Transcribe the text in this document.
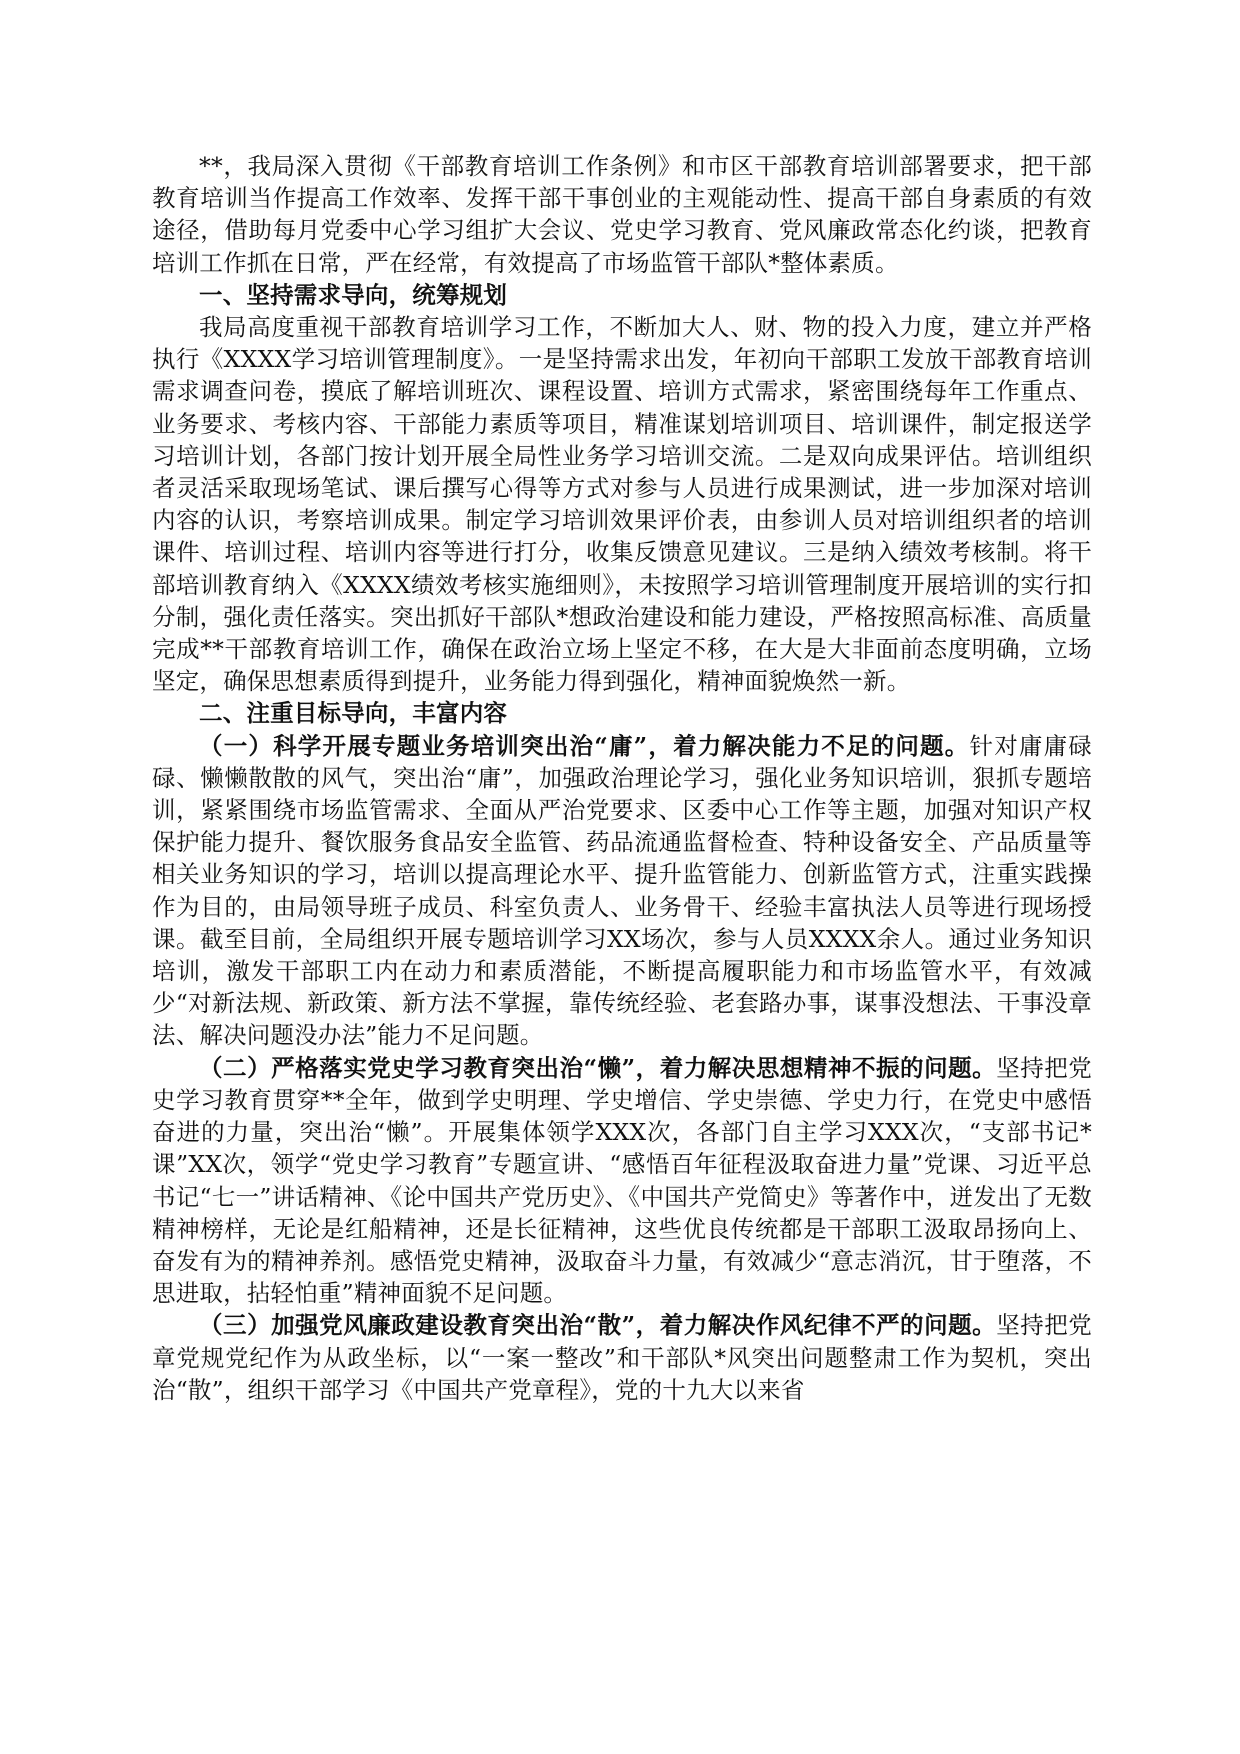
**，我局深入贯彻《干部教育培训工作条例》和市区干部教育培训部署要求，把干部教育培训当作提高工作效率、发挥干部干事创业的主观能动性、提高干部自身素质的有效途径，借助每月党委中心学习组扩大会议、党史学习教育、党风廉政常态化约谈，把教育培训工作抓在日常，严在经常，有效提高了市场监管干部队*整体素质。

一、坚持需求导向，统筹规划

我局高度重视干部教育培训学习工作，不断加大人、财、物的投入力度，建立并严格执行《XXXX学习培训管理制度》。一是坚持需求出发，年初向干部职工发放干部教育培训需求调查问卷，摸底了解培训班次、课程设置、培训方式需求，紧密围绕每年工作重点、业务要求、考核内容、干部能力素质等项目，精准谋划培训项目、培训课件，制定报送学习培训计划，各部门按计划开展全局性业务学习培训交流。二是双向成果评估。培训组织者灵活采取现场笔试、课后撰写心得等方式对参与人员进行成果测试，进一步加深对培训内容的认识，考察培训成果。制定学习培训效果评价表，由参训人员对培训组织者的培训课件、培训过程、培训内容等进行打分，收集反馈意见建议。三是纳入绩效考核制。将干部培训教育纳入《XXXX绩效考核实施细则》，未按照学习培训管理制度开展培训的实行扣分制，强化责任落实。突出抓好干部队*想政治建设和能力建设，严格按照高标准、高质量完成**干部教育培训工作，确保在政治立场上坚定不移，在大是大非面前态度明确，立场坚定，确保思想素质得到提升，业务能力得到强化，精神面貌焕然一新。

二、注重目标导向，丰富内容

（一）科学开展专题业务培训突出治“庸”，着力解决能力不足的问题。针对庸庸碌碌、懒懒散散的风气，突出治“庸”，加强政治理论学习，强化业务知识培训，狠抓专题培训，紧紧围绕市场监管需求、全面从严治党要求、区委中心工作等主题，加强对知识产权保护能力提升、餐饮服务食品安全监管、药品流通监督检查、特种设备安全、产品质量等相关业务知识的学习，培训以提高理论水平、提升监管能力、创新监管方式，注重实践操作为目的，由局领导班子成员、科室负责人、业务骨干、经验丰富执法人员等进行现场授课。截至目前，全局组织开展专题培训学习XX场次，参与人员XXXX余人。通过业务知识培训，激发干部职工内在动力和素质潜能，不断提高履职能力和市场监管水平，有效减少“对新法规、新政策、新方法不掌握，靠传统经验、老套路办事，谋事没想法、干事没章法、解决问题没办法”能力不足问题。

（二）严格落实党史学习教育突出治“懒”，着力解决思想精神不振的问题。坚持把党史学习教育贯穿**全年，做到学史明理、学史增信、学史崇德、学史力行，在党史中感悟奋进的力量，突出治“懒”。开展集体领学XXX次，各部门自主学习XXX次，“支部书记*课”XX次，领学“党史学习教育”专题宣讲、“感悟百年征程汲取奋进力量”党课、习近平总书记“七一”讲话精神、《论中国共产党历史》、《中国共产党简史》等著作中，迸发出了无数精神榜样，无论是红船精神，还是长征精神，这些优良传统都是干部职工汲取昂扬向上、奋发有为的精神养剂。感悟党史精神，汲取奋斗力量，有效减少“意志消沉，甘于堕落，不思进取，拈轻怕重”精神面貌不足问题。

（三）加强党风廉政建设教育突出治“散”，着力解决作风纪律不严的问题。坚持把党章党规党纪作为从政坐标，以“一案一整改”和干部队*风突出问题整肃工作为契机，突出治“散”，组织干部学习《中国共产党章程》，党的十九大以来省
